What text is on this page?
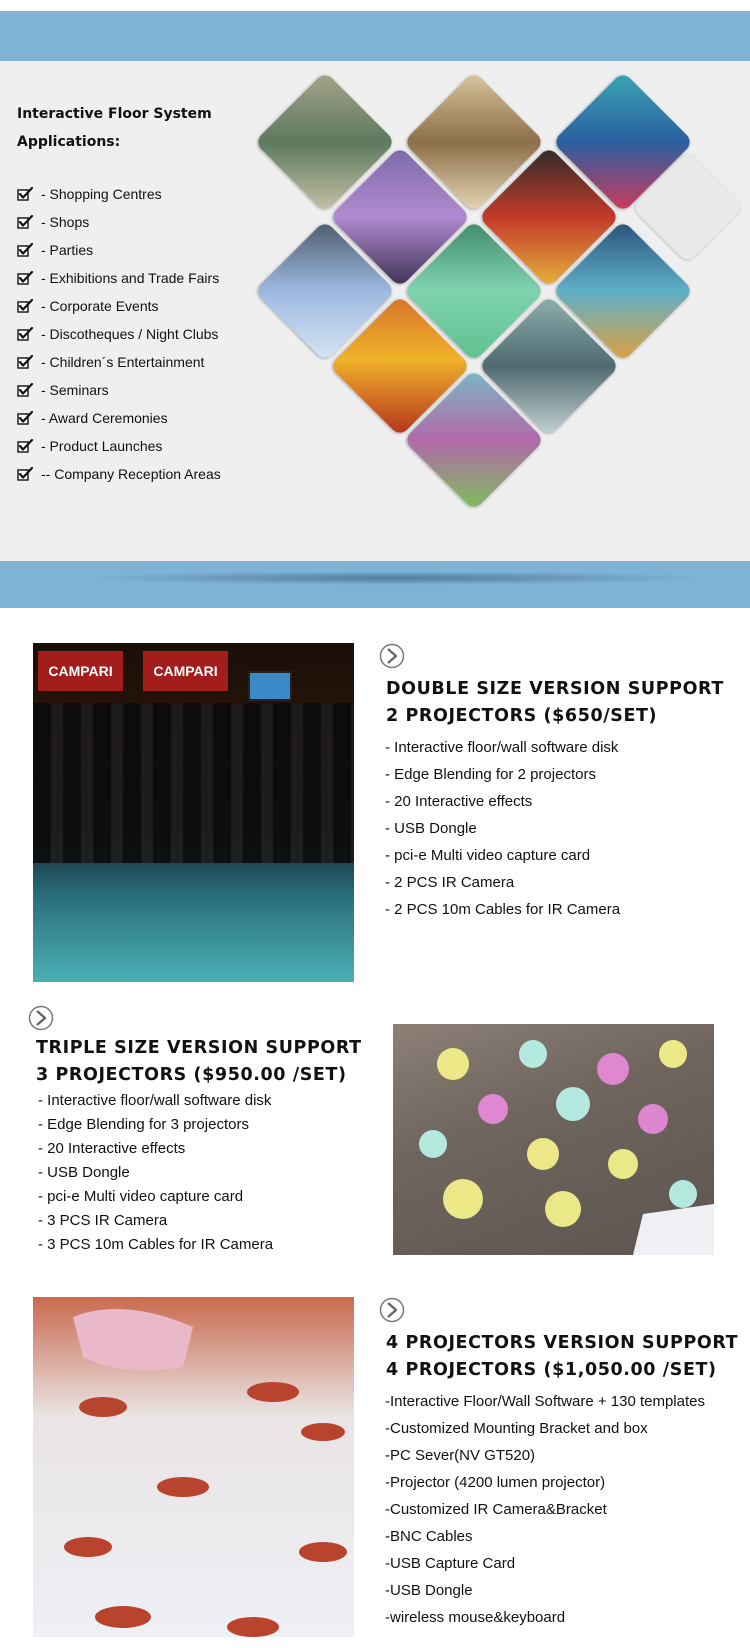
Interactive Floor System Applications:
- Shopping Centres
- Shops
- Parties
- Exhibitions and Trade Fairs
- Corporate Events
- Discotheques / Night Clubs
- Children´s Entertainment
- Seminars
- Award Ceremonies
- Product Launches
-- Company Reception Areas
CAMPARI	CAMPARI
DOUBLE SIZE VERSION SUPPORT
2 PROJECTORS ($650/SET)
- Interactive floor/wall software disk
- Edge Blending for 2 projectors
- 20 Interactive effects
- USB Dongle
- pci-e Multi video capture card
- 2 PCS IR Camera
- 2 PCS 10m Cables for IR Camera
TRIPLE SIZE VERSION SUPPORT
3 PROJECTORS ($950.00 /SET)
- Interactive floor/wall software disk
- Edge Blending for 3 projectors
- 20 Interactive effects
- USB Dongle
- pci-e Multi video capture card
- 3 PCS IR Camera
- 3 PCS 10m Cables for IR Camera
4 PROJECTORS VERSION SUPPORT
4 PROJECTORS ($1,050.00 /SET)
-Interactive Floor/Wall Software + 130 templates
-Customized Mounting Bracket and box
-PC Sever(NV GT520)
-Projector (4200 lumen projector)
-Customized IR Camera&Bracket
-BNC Cables
-USB Capture Card
-USB Dongle
-wireless mouse&keyboard
